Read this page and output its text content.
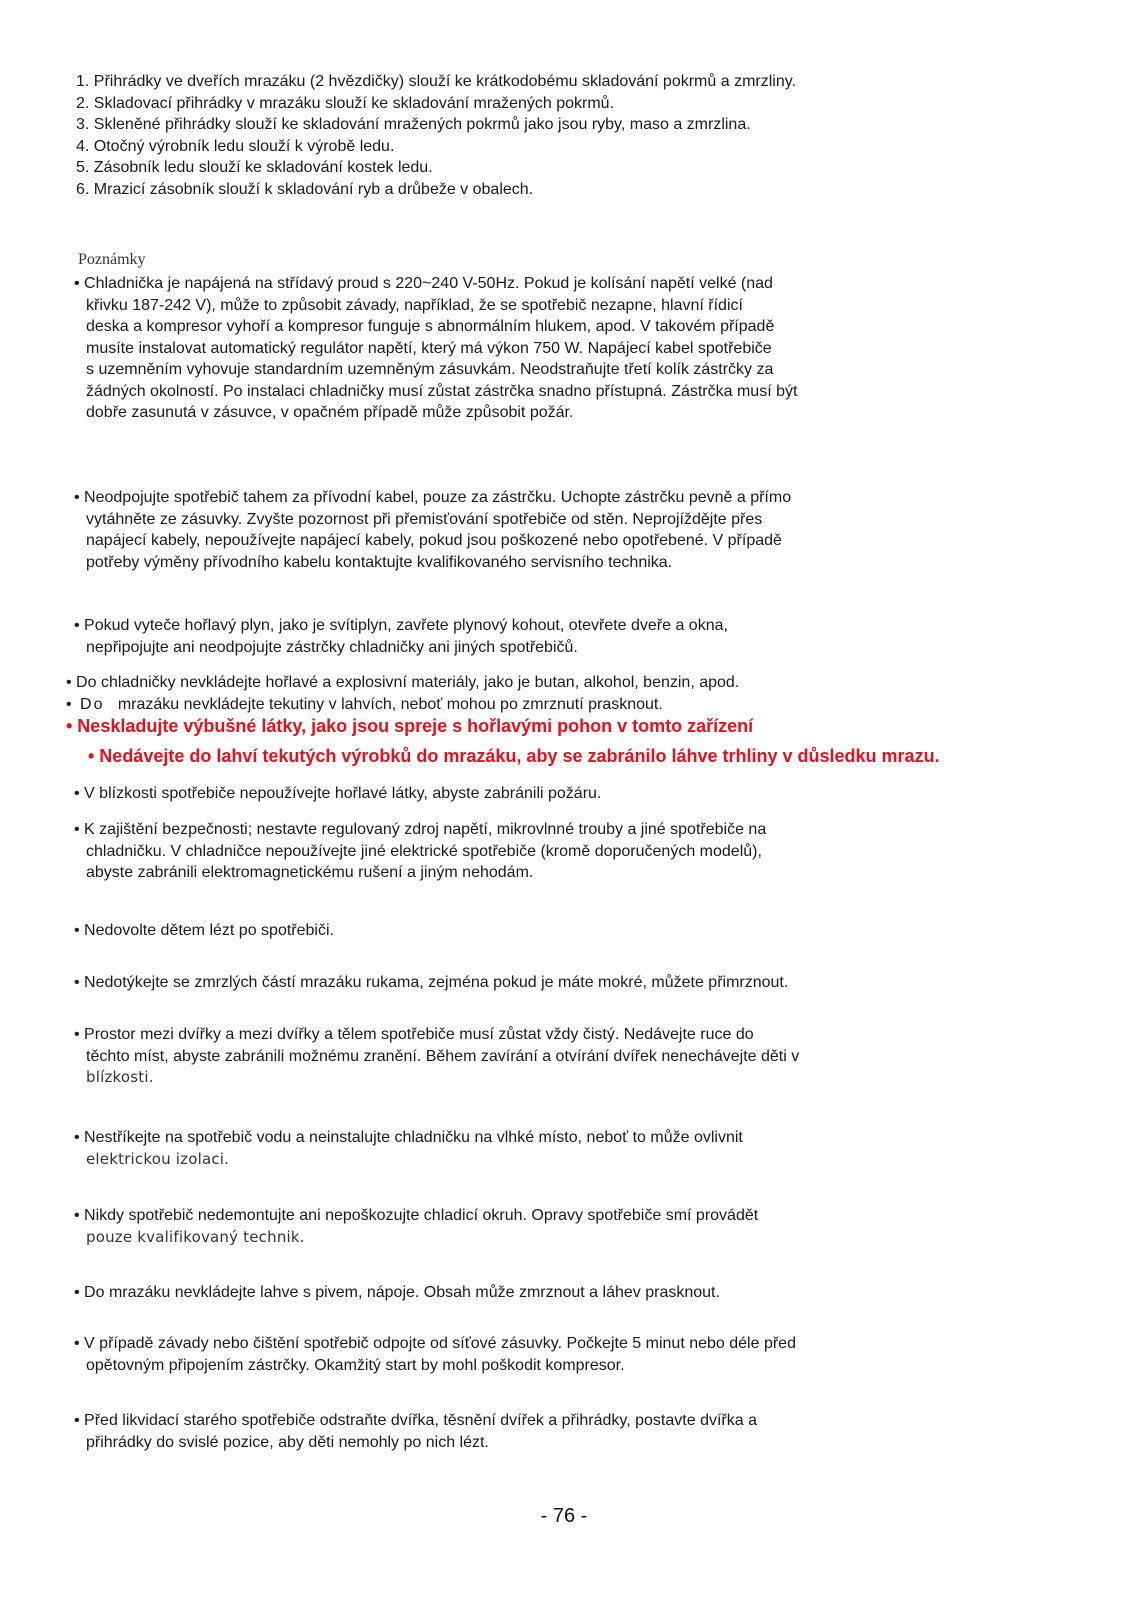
1. Přihrádky ve dveřích mrazáku (2 hvězdičky) slouží ke krátkodobému skladování pokrmů a zmrzliny.
2. Skladovací přihrádky v mrazáku slouží ke skladování mražených pokrmů.
3. Skleněné přihrádky slouží ke skladování mražených pokrmů jako jsou ryby, maso a zmrzlina.
4. Otočný výrobník ledu slouží k výrobě ledu.
5. Zásobník ledu slouží ke skladování kostek ledu.
6. Mrazicí zásobník slouží k skladování ryb a drůbeže v obalech.
Poznámky
• Chladnička je napájená na střídavý proud s 220~240 V-50Hz. Pokud je kolísání napětí velké (nad
křivku 187-242 V), může to způsobit závady, například, že se spotřebič nezapne, hlavní řídicí
deska a kompresor vyhoří a kompresor funguje s abnormálním hlukem, apod. V takovém případě
musíte instalovat automatický regulátor napětí, který má výkon 750 W. Napájecí kabel spotřebiče
s uzemněním vyhovuje standardním uzemněným zásuvkám. Neodstraňujte třetí kolík zástrčky za
žádných okolností. Po instalaci chladničky musí zůstat zástrčka snadno přístupná. Zástrčka musí být
dobře zasunutá v zásuvce, v opačném případě může způsobit požár.
• Neodpojujte spotřebič tahem za přívodní kabel, pouze za zástrčku. Uchopte zástrčku pevně a přímo
vytáhněte ze zásuvky. Zvyšte pozornost při přemisťování spotřebiče od stěn. Neprojíždějte přes
napájecí kabely, nepoužívejte napájecí kabely, pokud jsou poškozené nebo opotřebené. V případě
potřeby výměny přívodního kabelu kontaktujte kvalifikovaného servisního technika.
• Pokud vyteče hořlavý plyn, jako je svítiplyn, zavřete plynový kohout, otevřete dveře a okna,
nepřipojujte ani neodpojujte zástrčky chladničky ani jiných spotřebičů.
• Do chladničky nevkládejte hořlavé a explosivní materiály, jako je butan, alkohol, benzin, apod.
• Do mrazáku nevkládejte tekutiny v lahvích, neboť mohou po zmrznutí prasknout.
• Neskladujte výbušné látky, jako jsou spreje s hořlavými pohon v tomto zařízení
• Nedávejte do lahví tekutých výrobků do mrazáku, aby se zabránilo láhve trhliny v důsledku mrazu.
• V blízkosti spotřebiče nepoužívejte hořlavé látky, abyste zabránili požáru.
• K zajištění bezpečnosti; nestavte regulovaný zdroj napětí, mikrovlnné trouby a jiné spotřebiče na
chladničku. V chladničce nepoužívejte jiné elektrické spotřebiče (kromě doporučených modelů),
abyste zabránili elektromagnetickému rušení a jiným nehodám.
• Nedovolte dětem lézt po spotřebiči.
• Nedotýkejte se zmrzlých částí mrazáku rukama, zejména pokud je máte mokré, můžete přimrznout.
• Prostor mezi dvířky a mezi dvířky a tělem spotřebiče musí zůstat vždy čistý. Nedávejte ruce do
těchto míst, abyste zabránili možnému zranění. Během zavírání a otvírání dvířek nenechávejte děti v
blízkosti.
• Nestříkejte na spotřebič vodu a neinstalujte chladničku na vlhké místo, neboť to může ovlivnit
elektrickou izolaci.
• Nikdy spotřebič nedemontujte ani nepoškozujte chladicí okruh. Opravy spotřebiče smí provádět
pouze kvalifikovaný technik.
• Do mrazáku nevkládejte lahve s pivem, nápoje. Obsah může zmrznout a láhev prasknout.
• V případě závady nebo čištění spotřebič odpojte od síťové zásuvky. Počkejte 5 minut nebo déle před
opětovným připojením zástrčky. Okamžitý start by mohl poškodit kompresor.
• Před likvidací starého spotřebiče odstraňte dvířka, těsnění dvířek a přihrádky, postavte dvířka a
přihrádky do svislé pozice, aby děti nemohly po nich lézt.
- 76 -
